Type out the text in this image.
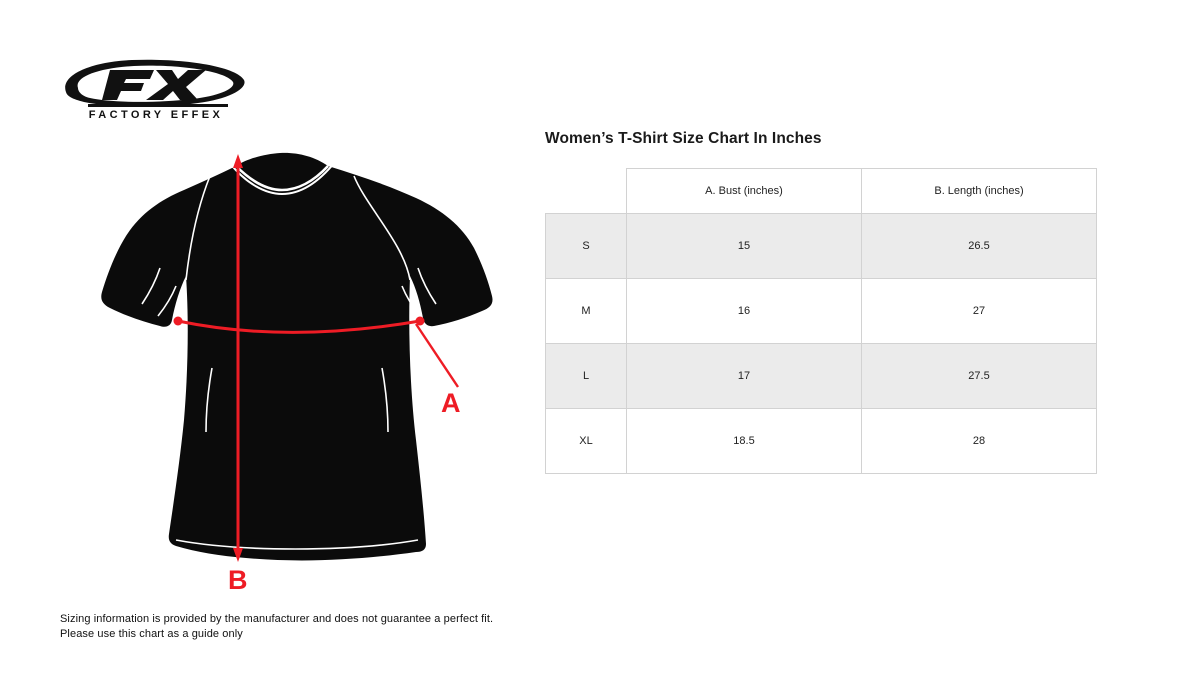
FACTORY EFFEX
A
B
Sizing information is provided by the manufacturer and does not guarantee a perfect fit.
Please use this chart as a guide only
Women’s T-Shirt Size Chart In Inches
	A. Bust (inches)	B. Length (inches)
S	15	26.5
M	16	27
L	17	27.5
XL	18.5	28
